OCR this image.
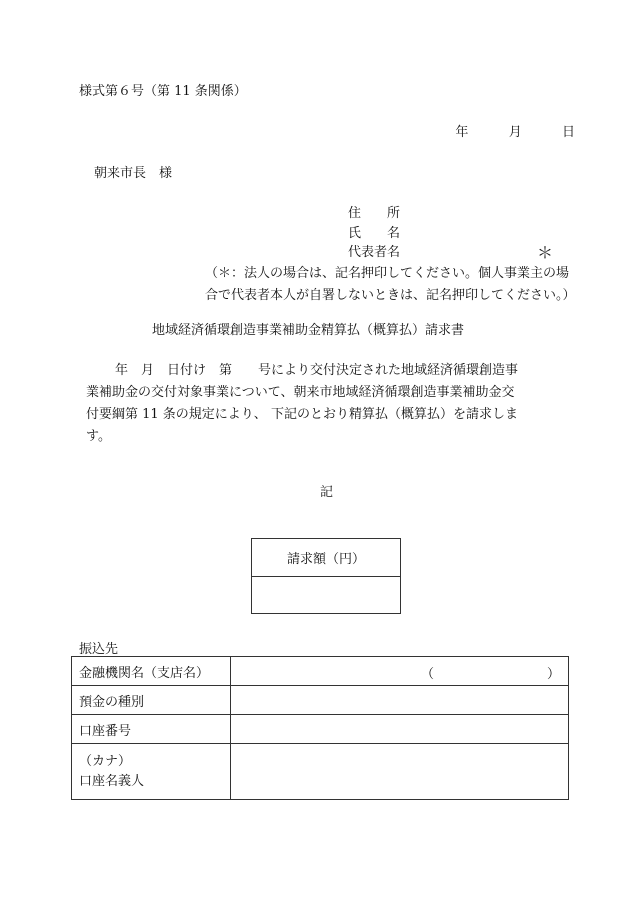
様式第６号（第 11 条関係）
年	月	日
朝来市長　様
住　　所
氏　　名
代表者名	＊
（＊：法人の場合は、記名押印してください。個人事業主の場
合で代表者本人が自署しないときは、記名押印してください。）
地域経済循環創造事業補助金精算払（概算払）請求書
年　月　日付け　第　　号により交付決定された地域経済循環創造事
業補助金の交付対象事業について、朝来市地域経済循環創造事業補助金交
付要綱第 11 条の規定により、 下記のとおり精算払（概算払）を請求しま
す。
記
請求額（円）
振込先
金融機関名（支店名）	（ ）

預金の種別	
口座番号	

（カナ）
口座名義人	
